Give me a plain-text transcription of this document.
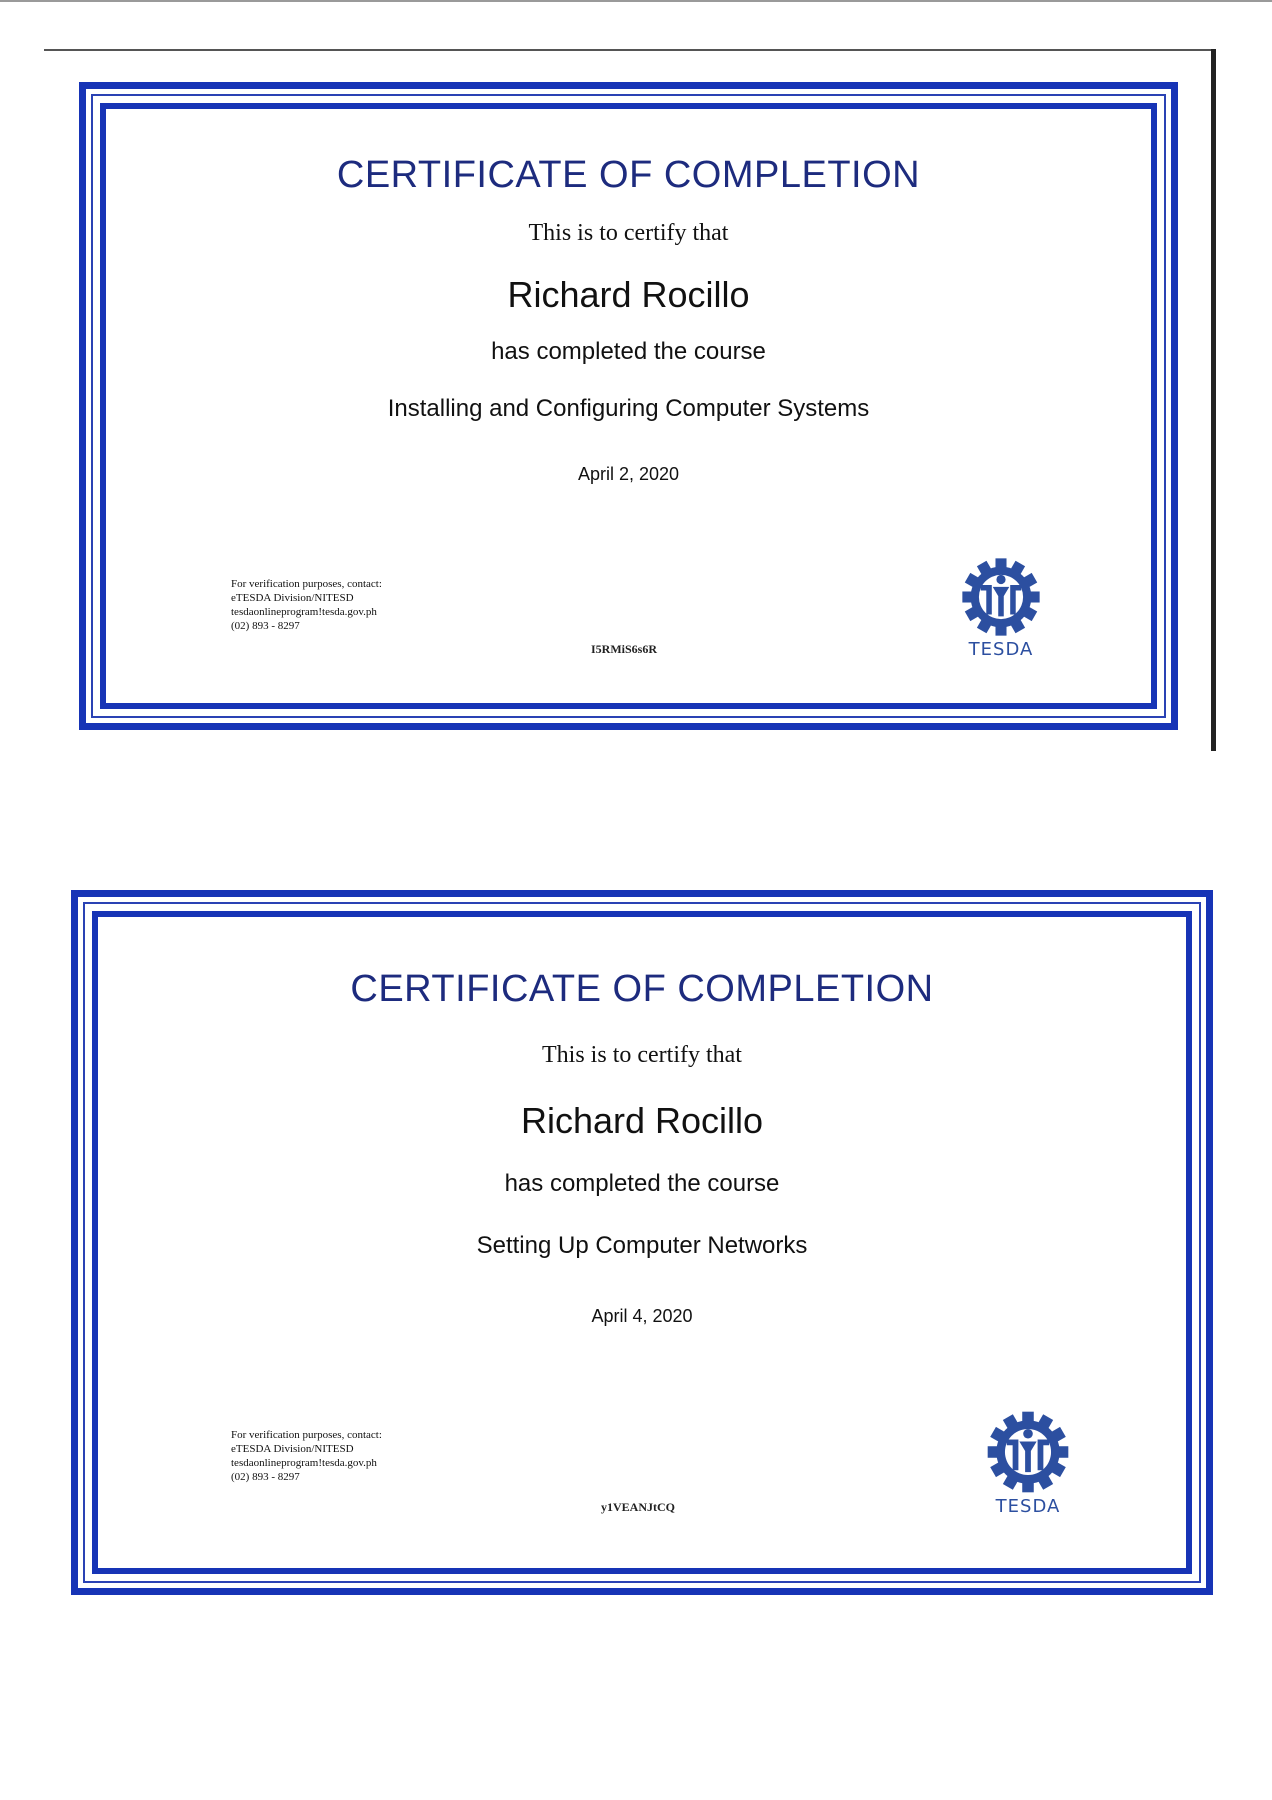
CERTIFICATE OF COMPLETION
This is to certify that
Richard Rocillo
has completed the course
Installing and Configuring Computer Systems
April 2, 2020
For verification purposes, contact:
eTESDA Division/NITESD
tesdaonlineprogram!tesda.gov.ph
(02) 893 - 8297
I5RMiS6s6R	TESDA
CERTIFICATE OF COMPLETION
This is to certify that
Richard Rocillo
has completed the course
Setting Up Computer Networks
April 4, 2020
For verification purposes, contact:
eTESDA Division/NITESD
tesdaonlineprogram!tesda.gov.ph
(02) 893 - 8297
y1VEANJtCQ	TESDA
